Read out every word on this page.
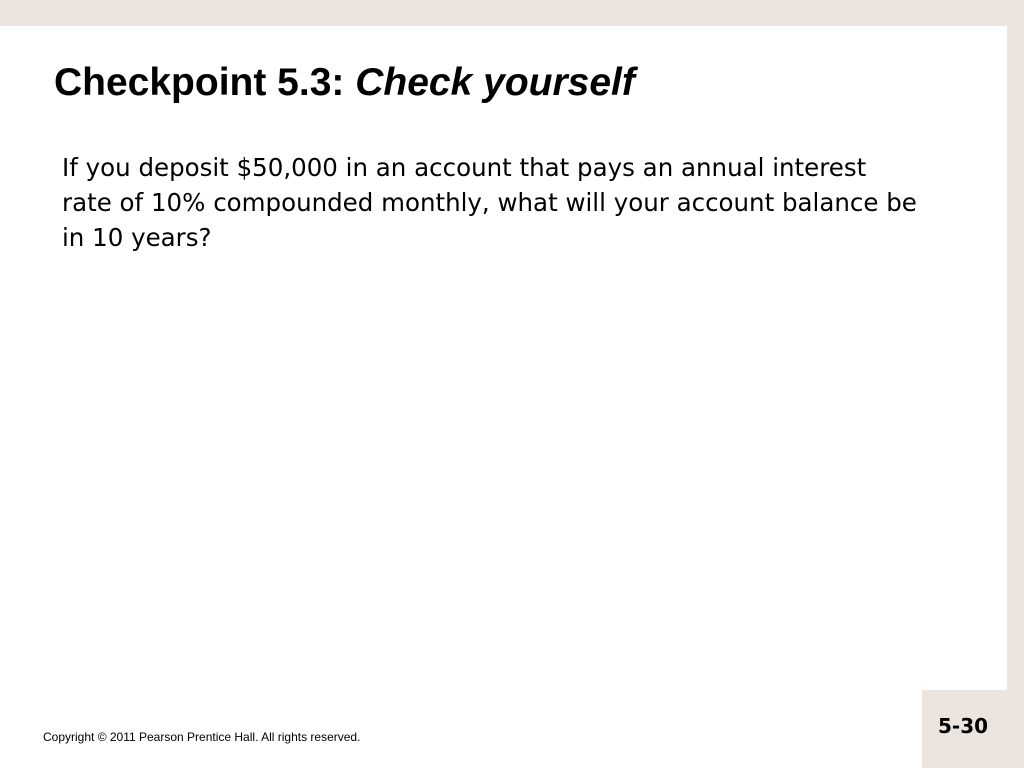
Checkpoint 5.3: Check yourself

If you deposit $50,000 in an account that pays an annual interest rate of 10% compounded monthly, what will your account balance be in 10 years?

Copyright © 2011 Pearson Prentice Hall. All rights reserved.	5-30
